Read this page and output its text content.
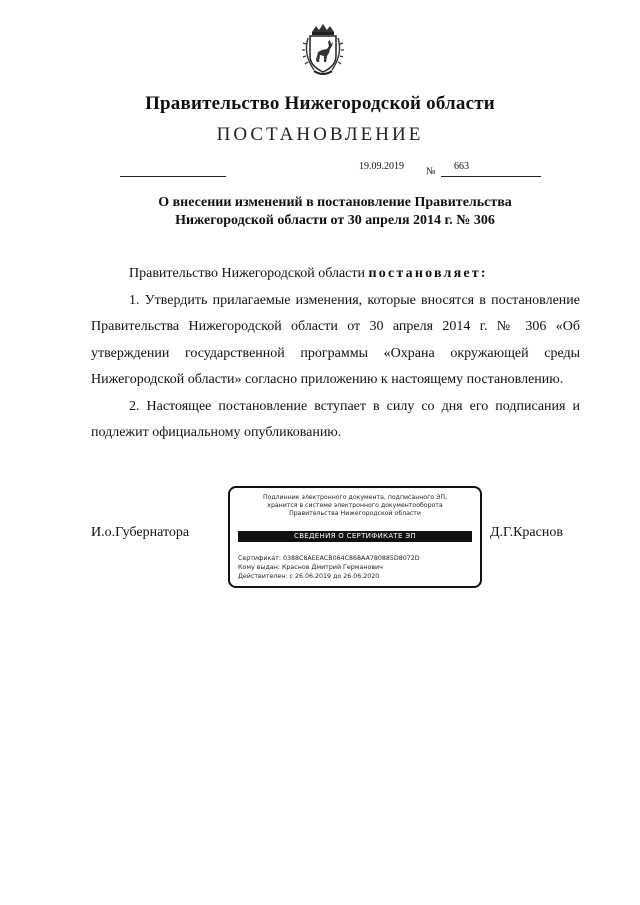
Правительство Нижегородской области
ПОСТАНОВЛЕНИЕ
19.09.2019 № 663
О внесении изменений в постановление Правительства
Нижегородской области от 30 апреля 2014 г. № 306

Правительство Нижегородской области постановляет:

1. Утвердить прилагаемые изменения, которые вносятся в постановление Правительства Нижегородской области от 30 апреля 2014 г. № 306 «Об утверждении государственной программы «Охрана окружающей среды Нижегородской области» согласно приложению к настоящему постановлению.

2. Настоящее постановление вступает в силу со дня его подписания и подлежит официальному опубликованию.

И.о.Губернатора
Подлинник электронного документа, подписанного ЭП,
хранится в системе электронного документооборота
Правительства Нижегородской области
СВЕДЕНИЯ О СЕРТИФИКАТЕ ЭП
Сертификат: 0388C8AEEACB064C868AA780885D8072D
Кому выдан: Краснов Дмитрий Германович
Действителен: с 26.06.2019 до 26.06.2020
Д.Г.Краснов
